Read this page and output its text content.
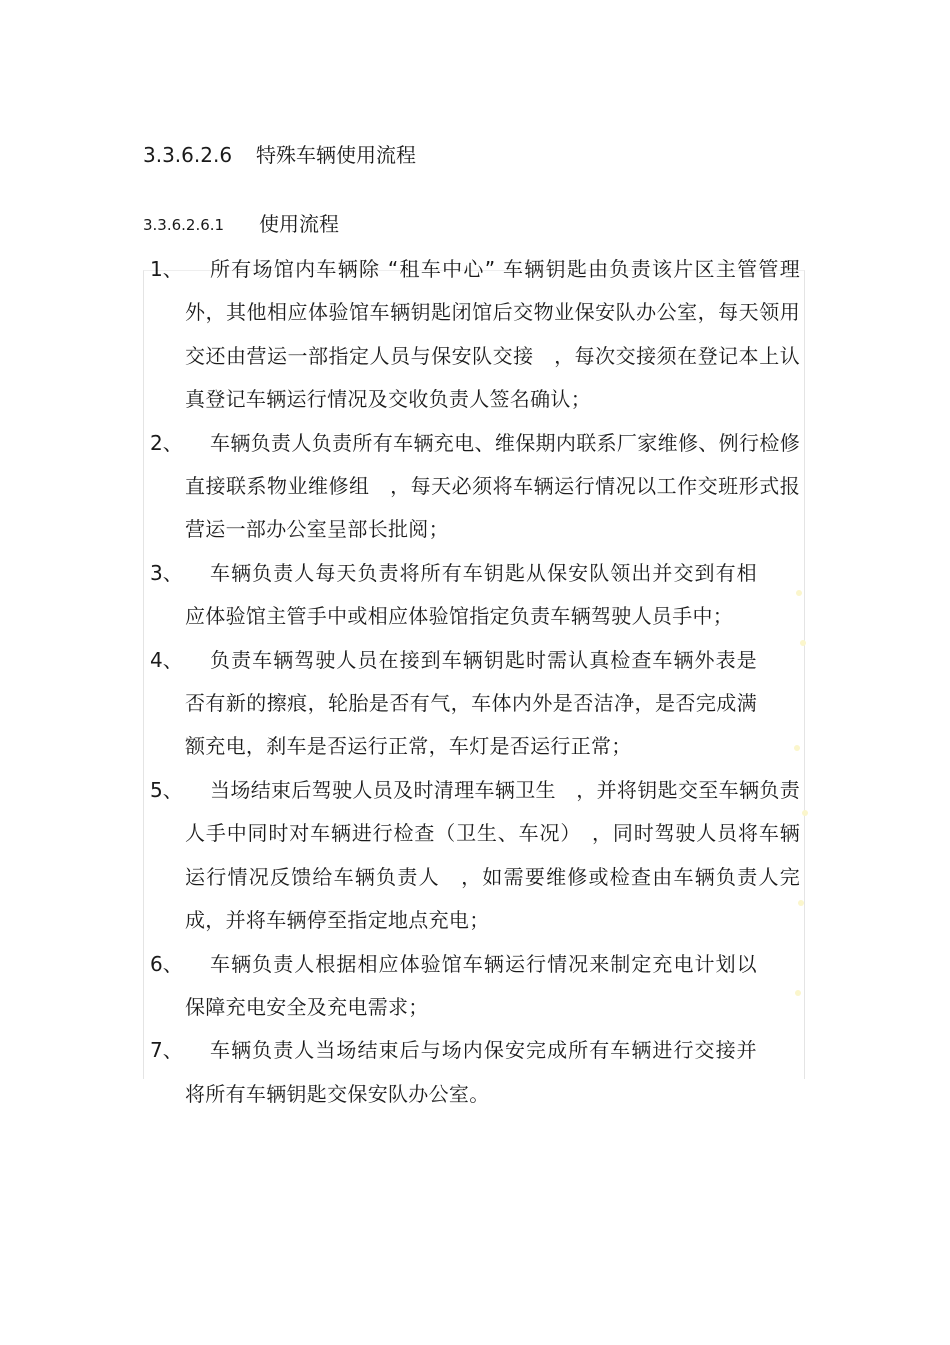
3.3.6.2.6 特殊车辆使用流程
3.3.6.2.6.1 使用流程
1、	所有场馆内车辆除 “租车中心” 车辆钥匙由负责该片区主管管理外，其他相应体验馆车辆钥匙闭馆后交物业保安队办公室，每天领用交还由营运一部指定人员与保安队交接　，每次交接须在登记本上认真登记车辆运行情况及交收负责人签名确认；
2、	车辆负责人负责所有车辆充电、维保期内联系厂家维修、例行检修直接联系物业维修组　，每天必须将车辆运行情况以工作交班形式报营运一部办公室呈部长批阅；
3、	车辆负责人每天负责将所有车钥匙从保安队领出并交到有相应体验馆主管手中或相应体验馆指定负责车辆驾驶人员手中；
4、	负责车辆驾驶人员在接到车辆钥匙时需认真检查车辆外表是否有新的擦痕，轮胎是否有气，车体内外是否洁净，是否完成满额充电，刹车是否运行正常，车灯是否运行正常；
5、	当场结束后驾驶人员及时清理车辆卫生　，并将钥匙交至车辆负责人手中同时对车辆进行检查（卫生、车况）　，同时驾驶人员将车辆运行情况反馈给车辆负责人　，如需要维修或检查由车辆负责人完成，并将车辆停至指定地点充电；
6、	车辆负责人根据相应体验馆车辆运行情况来制定充电计划以保障充电安全及充电需求；
7、	车辆负责人当场结束后与场内保安完成所有车辆进行交接并将所有车辆钥匙交保安队办公室。
